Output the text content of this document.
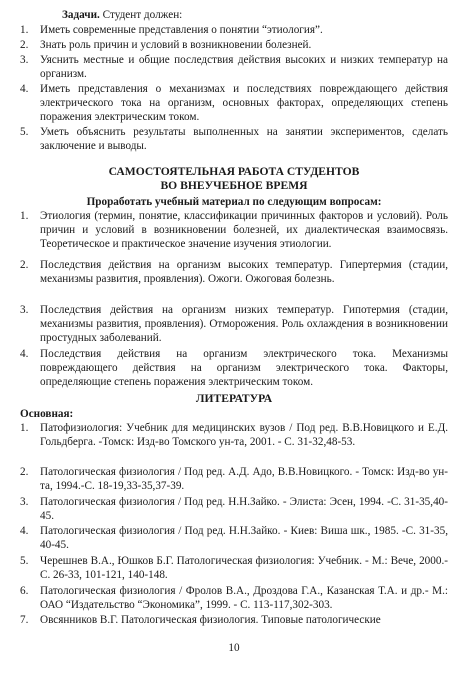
Задачи. Студент должен:
1.	Иметь современные представления о понятии “этиология”.
2.	Знать роль причин и условий в возникновении болезней.
3.	Уяснить местные и общие последствия действия высоких и низких температур на организм.
4.	Иметь представления о механизмах и последствиях повреждающего действия электрического тока на организм, основных факторах, определяющих степень поражения электрическим током.
5.	Уметь объяснить результаты выполненных на занятии экспериментов, сделать заключение и выводы.
САМОСТОЯТЕЛЬНАЯ РАБОТА СТУДЕНТОВ
ВО ВНЕУЧЕБНОЕ ВРЕМЯ
Проработать учебный материал по следующим вопросам:
1.	Этиология (термин, понятие, классификации причинных факторов и условий). Роль причин и условий в возникновении болезней, их диалектическая взаимосвязь. Теоретическое и практическое значение изучения этиологии.
2.	Последствия действия на организм высоких температур. Гипертермия (стадии, механизмы развития, проявления). Ожоги. Ожоговая болезнь.
3.	Последствия действия на организм низких температур. Гипотермия (стадии, механизмы развития, проявления). Отморожения. Роль охлаждения в возникновении простудных заболеваний.
4.	Последствия действия на организм электрического тока. Механизмы повреждающего действия на организм электрического тока. Факторы, определяющие степень поражения электрическим током.
ЛИТЕРАТУРА
Основная:
1.	Патофизиология: Учебник для медицинских вузов / Под ред. В.В.Новицкого и Е.Д. Гольдберга. -Томск: Изд-во Томского ун-та, 2001. - С. 31-32,48-53.
2.	Патологическая физиология / Под ред. А.Д. Адо, В.В.Новицкого. - Томск: Изд-во ун-та, 1994.-С. 18-19,33-35,37-39.
3.	Патологическая физиология / Под ред. Н.Н.Зайко. - Элиста: Эсен, 1994. -С. 31-35,40-45.
4.	Патологическая физиология / Под ред. Н.Н.Зайко. - Киев: Виша шк., 1985. -С. 31-35, 40-45.
5.	Черешнев В.А., Юшков Б.Г. Патологическая физиология: Учебник. - М.: Вече, 2000.-С. 26-33, 101-121, 140-148.
6.	Патологическая физиология / Фролов В.А., Дроздова Г.А., Казанская Т.А. и др.- М.: ОАО “Издательство “Экономика”, 1999. - С. 113-117,302-303.
7.	Овсянников В.Г. Патологическая физиология. Типовые патологические
10
